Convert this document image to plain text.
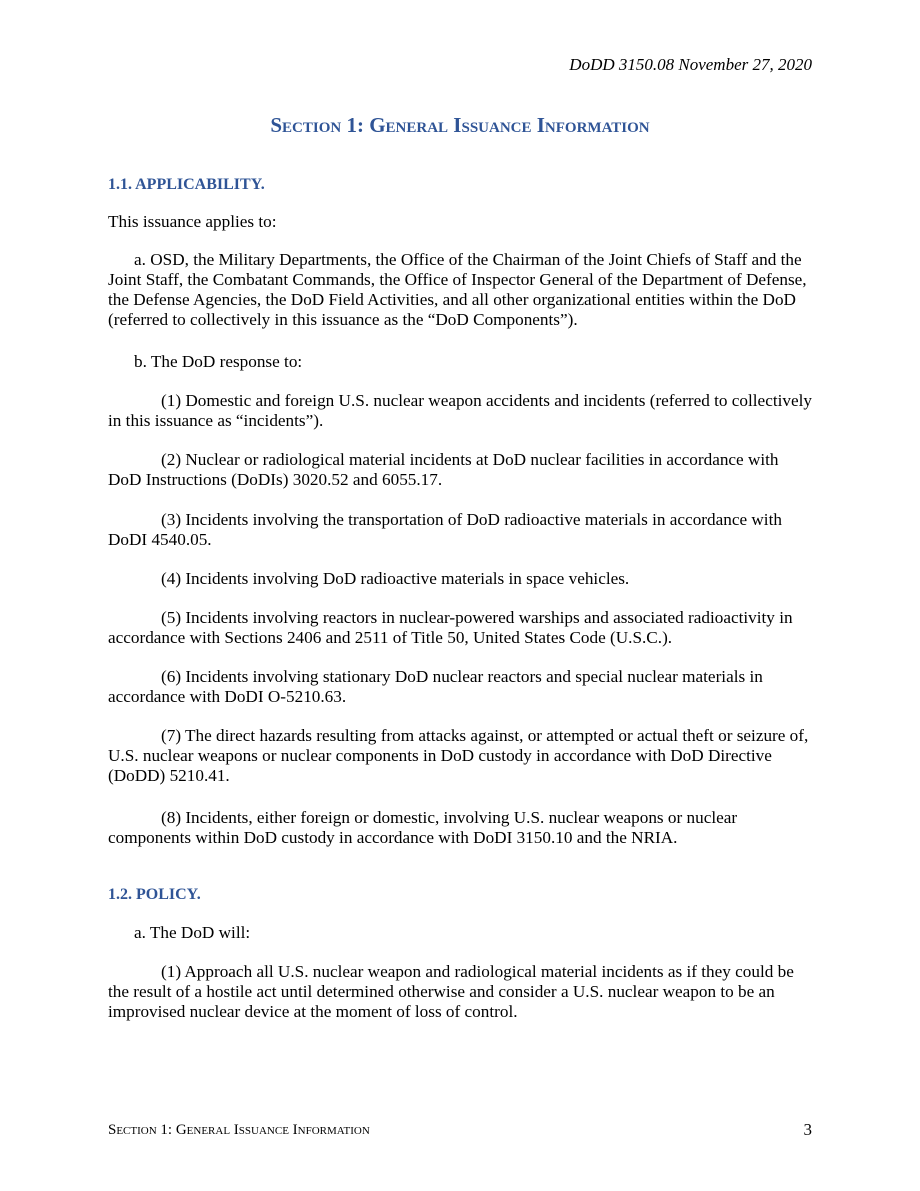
DoDD 3150.08 November 27, 2020
Section 1: General Issuance Information
1.1. APPLICABILITY.
This issuance applies to:
a. OSD, the Military Departments, the Office of the Chairman of the Joint Chiefs of Staff and the Joint Staff, the Combatant Commands, the Office of Inspector General of the Department of Defense, the Defense Agencies, the DoD Field Activities, and all other organizational entities within the DoD (referred to collectively in this issuance as the “DoD Components”).
b. The DoD response to:
(1) Domestic and foreign U.S. nuclear weapon accidents and incidents (referred to collectively in this issuance as “incidents”).
(2) Nuclear or radiological material incidents at DoD nuclear facilities in accordance with DoD Instructions (DoDIs) 3020.52 and 6055.17.
(3) Incidents involving the transportation of DoD radioactive materials in accordance with DoDI 4540.05.
(4) Incidents involving DoD radioactive materials in space vehicles.
(5) Incidents involving reactors in nuclear-powered warships and associated radioactivity in accordance with Sections 2406 and 2511 of Title 50, United States Code (U.S.C.).
(6) Incidents involving stationary DoD nuclear reactors and special nuclear materials in accordance with DoDI O-5210.63.
(7) The direct hazards resulting from attacks against, or attempted or actual theft or seizure of, U.S. nuclear weapons or nuclear components in DoD custody in accordance with DoD Directive (DoDD) 5210.41.
(8) Incidents, either foreign or domestic, involving U.S. nuclear weapons or nuclear components within DoD custody in accordance with DoDI 3150.10 and the NRIA.
1.2. POLICY.
a. The DoD will:
(1) Approach all U.S. nuclear weapon and radiological material incidents as if they could be the result of a hostile act until determined otherwise and consider a U.S. nuclear weapon to be an improvised nuclear device at the moment of loss of control.
Section 1: General Issuance Information	3
